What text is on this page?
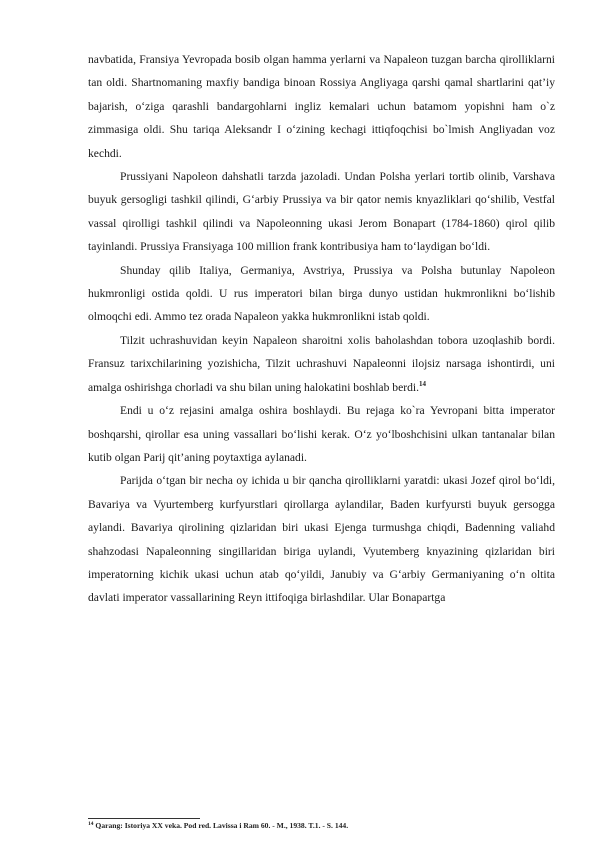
navbatida, Fransiya Yevropada bosib olgan hamma yerlarni va Napaleon tuzgan barcha qirolliklarni tan oldi. Shartnomaning maxfiy bandiga binoan Rossiya Angliyaga qarshi qamal shartlarini qat’iy bajarish, o‘ziga qarashli bandargohlarni ingliz kemalari uchun batamom yopishni ham o`z zimmasiga oldi. Shu tariqa Aleksandr I o‘zining kechagi ittiqfoqchisi bo`lmish Angliyadan voz kechdi.

Prussiyani Napoleon dahshatli tarzda jazoladi. Undan Polsha yerlari tortib olinib, Varshava buyuk gersogligi tashkil qilindi, G‘arbiy Prussiya va bir qator nemis knyazliklari qo‘shilib, Vestfal vassal qirolligi tashkil qilindi va Napoleonning ukasi Jerom Bonapart (1784-1860) qirol qilib tayinlandi. Prussiya Fransiyaga 100 million frank kontribusiya ham to‘laydigan bo‘ldi.

Shunday qilib Italiya, Germaniya, Avstriya, Prussiya va Polsha butunlay Napoleon hukmronligi ostida qoldi. U rus imperatori bilan birga dunyo ustidan hukmronlikni bo‘lishib olmoqchi edi. Ammo tez orada Napaleon yakka hukmronlikni istab qoldi.

Tilzit uchrashuvidan keyin Napaleon sharoitni xolis baholashdan tobora uzoqlashib bordi. Fransuz tarixchilarining yozishicha, Tilzit uchrashuvi Napaleonni ilojsiz narsaga ishontirdi, uni amalga oshirishga chorladi va shu bilan uning halokatini boshlab berdi.$^{14}$

Endi u o‘z rejasini amalga oshira boshlaydi. Bu rejaga ko`ra Yevropani bitta imperator boshqarshi, qirollar esa uning vassallari bo‘lishi kerak. O‘z yo‘lboshchisini ulkan tantanalar bilan kutib olgan Parij qit’aning poytaxtiga aylanadi.

Parijda o‘tgan bir necha oy ichida u bir qancha qirolliklarni yaratdi: ukasi Jozef qirol bo‘ldi, Bavariya va Vyurtemberg kurfyurstlari qirollarga aylandilar, Baden kurfyursti buyuk gersogga aylandi. Bavariya qirolining qizlaridan biri ukasi Ejenga turmushga chiqdi, Badenning valiahd shahzodasi Napaleonning singillaridan biriga uylandi, Vyutemberg knyazining qizlaridan biri imperatorning kichik ukasi uchun atab qo‘yildi, Janubiy va G‘arbiy Germaniyaning o‘n oltita davlati imperator vassallarining Reyn ittifoqiga birlashdilar. Ular Bonapartga

$^{14}$ Qarang: Istoriya XX veka. Pod red. Lavissa i Ram 60. - M., 1938. T.1. - S. 144.
